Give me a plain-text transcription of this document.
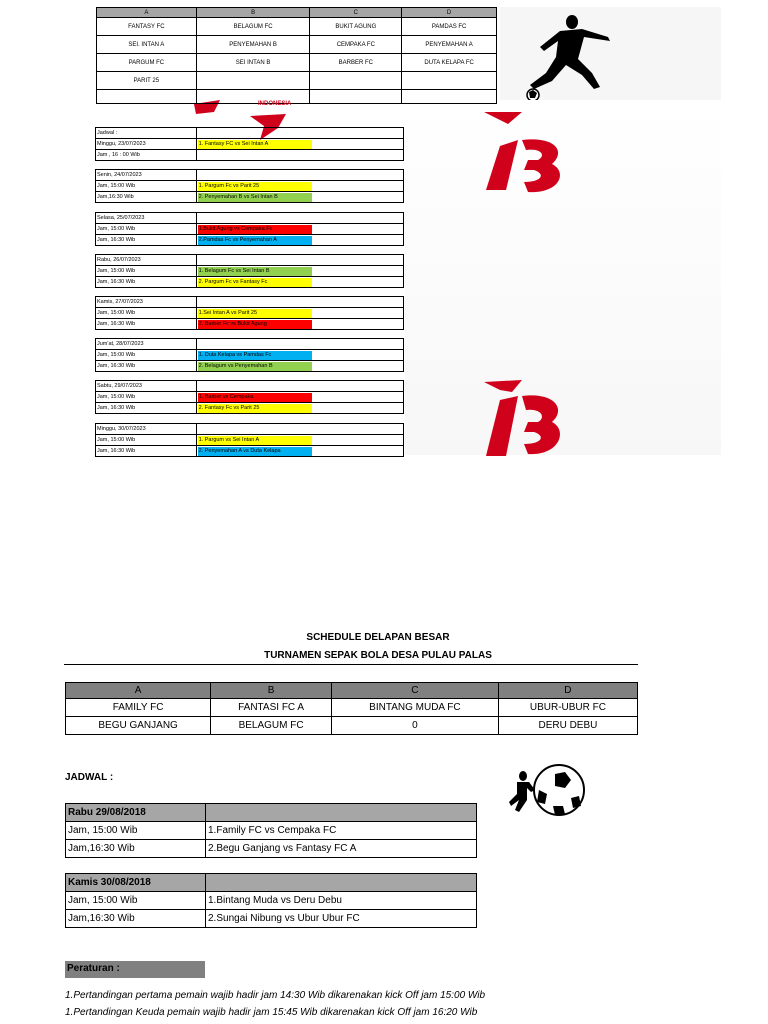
A	B	C	D
FANTASY FC	BELAGUM FC	BUKIT AGUNG	PAMDAS FC
SEI. INTAN A	PENYEMAHAN B	CEMPAKA FC	PENYEMAHAN A
PARGUM FC	SEI INTAN B	BARBER FC	DUTA KELAPA FC
PARIT 25			

INDONESIA
Jadwal :	
Minggu, 23/07/2023	1. Fantasy FC vs Sei Intan A
Jam , 16 : 00 Wib	
Senin, 24/07/2023	
Jam, 15:00 Wib	1. Pargum Fc vs Parit 25
Jam,16:30 Wib	2. Penyemahan B vs Sei Intan B
Selasa, 25/07/2023	
Jam, 15:00 Wib	1.Bukit Agung vs Cempaka Fc
Jam, 16:30 Wib	2.Pamdas Fc vs Penyemahan A
Rabu, 26/07/2023	
Jam, 15:00 Wib	1. Belagum Fc vs Sei Intan B
Jam, 16:30 Wib	2. Pargum Fc vs Fantasy Fc
Kamis, 27/07/2023	
Jam, 15:00 Wib	1.Sei Intan A vs Parit 25
Jam, 16:30 Wib	2. Barber Fc vs Bukit Agung
Jum'at, 28/07/2023	
Jam, 15:00 Wib	1. Duta Kelapa vs Pamdas Fc
Jam, 16:30 Wib	2. Belagum vs Penyemahan B
Sabtu, 29/07/2023	
Jam, 15:00 Wib	1. Barber vs Cempaka
Jam, 16:30 Wib	2. Fantasy Fc vs Parit 25
Minggu, 30/07/2023	
Jam, 15:00 Wib	1. Pargum vs Sei Intan A
Jam, 16:30 Wib	2. Penyemahan A vs Duta Kelapa
SCHEDULE DELAPAN BESAR
TURNAMEN SEPAK BOLA DESA PULAU PALAS
A	B	C	D
FAMILY FC	FANTASI FC A	BINTANG MUDA FC	UBUR-UBUR FC
BEGU GANJANG	BELAGUM FC	0	DERU DEBU
JADWAL :
Rabu 29/08/2018	
Jam, 15:00 Wib	1.Family FC vs Cempaka FC
Jam,16:30 Wib	2.Begu Ganjang vs Fantasy FC A
Kamis 30/08/2018	
Jam, 15:00 Wib	1.Bintang Muda vs Deru Debu
Jam,16:30 Wib	2.Sungai Nibung vs Ubur Ubur FC
Peraturan :
1.Pertandingan pertama pemain wajib hadir jam 14:30 Wib dikarenakan kick Off jam 15:00 Wib
1.Pertandingan Keuda pemain wajib hadir jam 15:45 Wib dikarenakan kick Off jam 16:20 Wib
